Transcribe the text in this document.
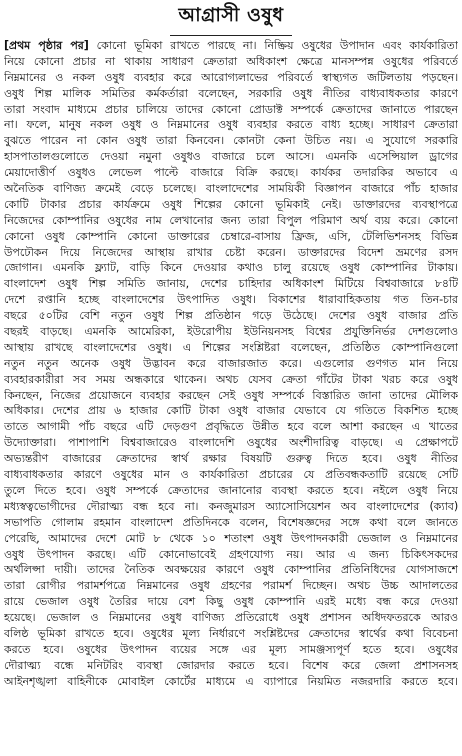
আগ্রাসী ওষুধ
[প্রথম পৃষ্ঠার পর] কোনো ভূমিকা রাখতে পারছে না। নিষ্ক্রিয় ওষুধের উপাদান এবং কার্যকারিতা
নিয়ে কোনো প্রচার না থাকায় সাধারণ ক্রেতারা অধিকাংশ ক্ষেত্রে মানসম্পন্ন ওষুধের পরিবর্তে
নিম্নমানের ও নকল ওষুধ ব্যবহার করে আরোগ্যলাভের পরিবর্তে স্বাস্থ্যগত জটিলতায় পড়ছেন।
ওষুধ শিল্প মালিক সমিতির কর্মকর্তারা বলেছেন, সরকারি ওষুধ নীতির বাধ্যবাধকতার কারণে
তারা সংবাদ মাধ্যমে প্রচার চালিয়ে তাদের কোনো প্রোডাক্ট সম্পর্কে ক্রেতাদের জানাতে পারছেন
না। ফলে, মানুষ নকল ওষুধ ও নিম্নমানের ওষুধ ব্যবহার করতে বাধ্য হচ্ছে। সাধারণ ক্রেতারা
বুঝতে পারেন না কোন ওষুধ তারা কিনবেন। কোনটা কেনা উচিত নয়। এ সুযোগে সরকারি
হাসপাতালগুলোতে দেওয়া নমুনা ওষুধও বাজারে চলে আসে। এমনকি এসেন্সিয়াল ড্রাগের
মেয়াদোত্তীর্ণ ওষুধও লেভেল পাল্টে বাজারে বিক্রি করছে। কার্যকর তদারকির অভাবে এ
অনৈতিক বাণিজ্য ক্রমেই বেড়ে চলেছে। বাংলাদেশের সাময়িকী বিজ্ঞাপন বাজারে পাঁচ হাজার
কোটি টাকার প্রচার কার্যক্রমে ওষুধ শিল্পের কোনো ভূমিকাই নেই। ডাক্তারদের ব্যবস্থাপত্রে
নিজেদের কোম্পানির ওষুধের নাম লেখানোর জন্য তারা বিপুল পরিমাণ অর্থ ব্যয় করে। কোনো
কোনো ওষুধ কোম্পানি কোনো ডাক্তারের চেম্বারে-বাসায় ফ্রিজ, এসি, টেলিভিশনসহ বিভিন্ন
উপঢৌকন দিয়ে নিজেদের আস্থায় রাখার চেষ্টা করেন। ডাক্তারদের বিদেশ ভ্রমণের রসদ
জোগান। এমনকি ফ্ল্যাট, বাড়ি কিনে দেওয়ার কথাও চালু রয়েছে ওষুধ কোম্পানির টাকায়।
বাংলাদেশ ওষুধ শিল্প সমিতি জানায়, দেশের চাহিদার অধিকাংশ মিটিয়ে বিশ্ববাজারে ৮৪টি
দেশে রপ্তানি হচ্ছে বাংলাদেশের উৎপাদিত ওষুধ। বিকাশের ধারাবাহিকতায় গত তিন-চার
বছরে ৫০টির বেশি নতুন ওষুধ শিল্প প্রতিষ্ঠান গড়ে উঠেছে। দেশের ওষুধ বাজার প্রতি
বছরই বাড়ছে। এমনকি আমেরিকা, ইউরোপীয় ইউনিয়নসহ বিশ্বের প্রযুক্তিনির্ভর দেশগুলোও
আস্থায় রাখছে বাংলাদেশের ওষুধ। এ শিল্পের সংশ্লিষ্টরা বলেছেন, প্রতিষ্ঠিত কোম্পানিগুলো
নতুন নতুন অনেক ওষুধ উদ্ভাবন করে বাজারজাত করে। এগুলোর গুণগত মান নিয়ে
ব্যবহারকারীরা সব সময় অন্ধকারে থাকেন। অথচ যেসব ক্রেতা গাঁটের টাকা খরচ করে ওষুধ
কিনছেন, নিজের প্রয়োজনে ব্যবহার করছেন সেই ওষুধ সম্পর্কে বিস্তারিত জানা তাদের মৌলিক
অধিকার। দেশের প্রায় ৬ হাজার কোটি টাকা ওষুধ বাজার যেভাবে যে গতিতে বিকশিত হচ্ছে
তাতে আগামী পাঁচ বছরে এটি দেড়গুণ প্রবৃদ্ধিতে উন্নীত হবে বলে আশা করছেন এ খাতের
উদ্যোক্তারা। পাশাপাশি বিশ্ববাজারেও বাংলাদেশি ওষুধের অংশীদারিত্ব বাড়ছে। এ প্রেক্ষাপটে
অভ্যন্তরীণ বাজারের ক্রেতাদের স্বার্থ রক্ষার বিষয়টি গুরুত্ব দিতে হবে। ওষুধ নীতির
বাধ্যবাধকতার কারণে ওষুধের মান ও কার্যকারিতা প্রচারের যে প্রতিবন্ধকতাটি রয়েছে সেটি
তুলে দিতে হবে। ওষুধ সম্পর্কে ক্রেতাদের জানানোর ব্যবস্থা করতে হবে। নইলে ওষুধ নিয়ে
মধ্যস্বত্বভোগীদের দৌরাত্ম্য বন্ধ হবে না। কনজুমারস অ্যাসোসিয়েশন অব বাংলাদেশের (ক্যাব)
সভাপতি গোলাম রহমান বাংলাদেশ প্রতিদিনকে বলেন, বিশেষজ্ঞদের সঙ্গে কথা বলে জানতে
পেরেছি, আমাদের দেশে মোট ৮ থেকে ১০ শতাংশ ওষুধ উৎপাদনকারী ভেজাল ও নিম্নমানের
ওষুধ উৎপাদন করছে। এটি কোনোভাবেই গ্রহণযোগ্য নয়। আর এ জন্য চিকিৎসকদের
অর্থলিপ্সা দায়ী। তাদের নৈতিক অবক্ষয়ের কারণে ওষুধ কোম্পানির প্রতিনিধিদের যোগসাজশে
তারা রোগীর পরামর্শপত্রে নিম্নমানের ওষুধ গ্রহণের পরামর্শ দিচ্ছেন। অথচ উচ্চ আদালতের
রায়ে ভেজাল ওষুধ তৈরির দায়ে বেশ কিছু ওষুধ কোম্পানি এরই মধ্যে বন্ধ করে দেওয়া
হয়েছে। ভেজাল ও নিম্নমানের ওষুধ বাণিজ্য প্রতিরোধে ওষুধ প্রশাসন অধিদফতরকে আরও
বলিষ্ঠ ভূমিকা রাখতে হবে। ওষুধের মূল্য নির্ধারণে সংশ্লিষ্টদের ক্রেতাদের স্বার্থের কথা বিবেচনা
করতে হবে। ওষুধের উৎপাদন ব্যয়ের সঙ্গে এর মূল্য সামঞ্জস্যপূর্ণ হতে হবে। ওষুধের
দৌরাত্ম্য বন্ধে মনিটরিং ব্যবস্থা জোরদার করতে হবে। বিশেষ করে জেলা প্রশাসনসহ
আইনশৃঙ্খলা বাহিনীকে মোবাইল কোর্টের মাধ্যমে এ ব্যাপারে নিয়মিত নজরদারি করতে হবে।
